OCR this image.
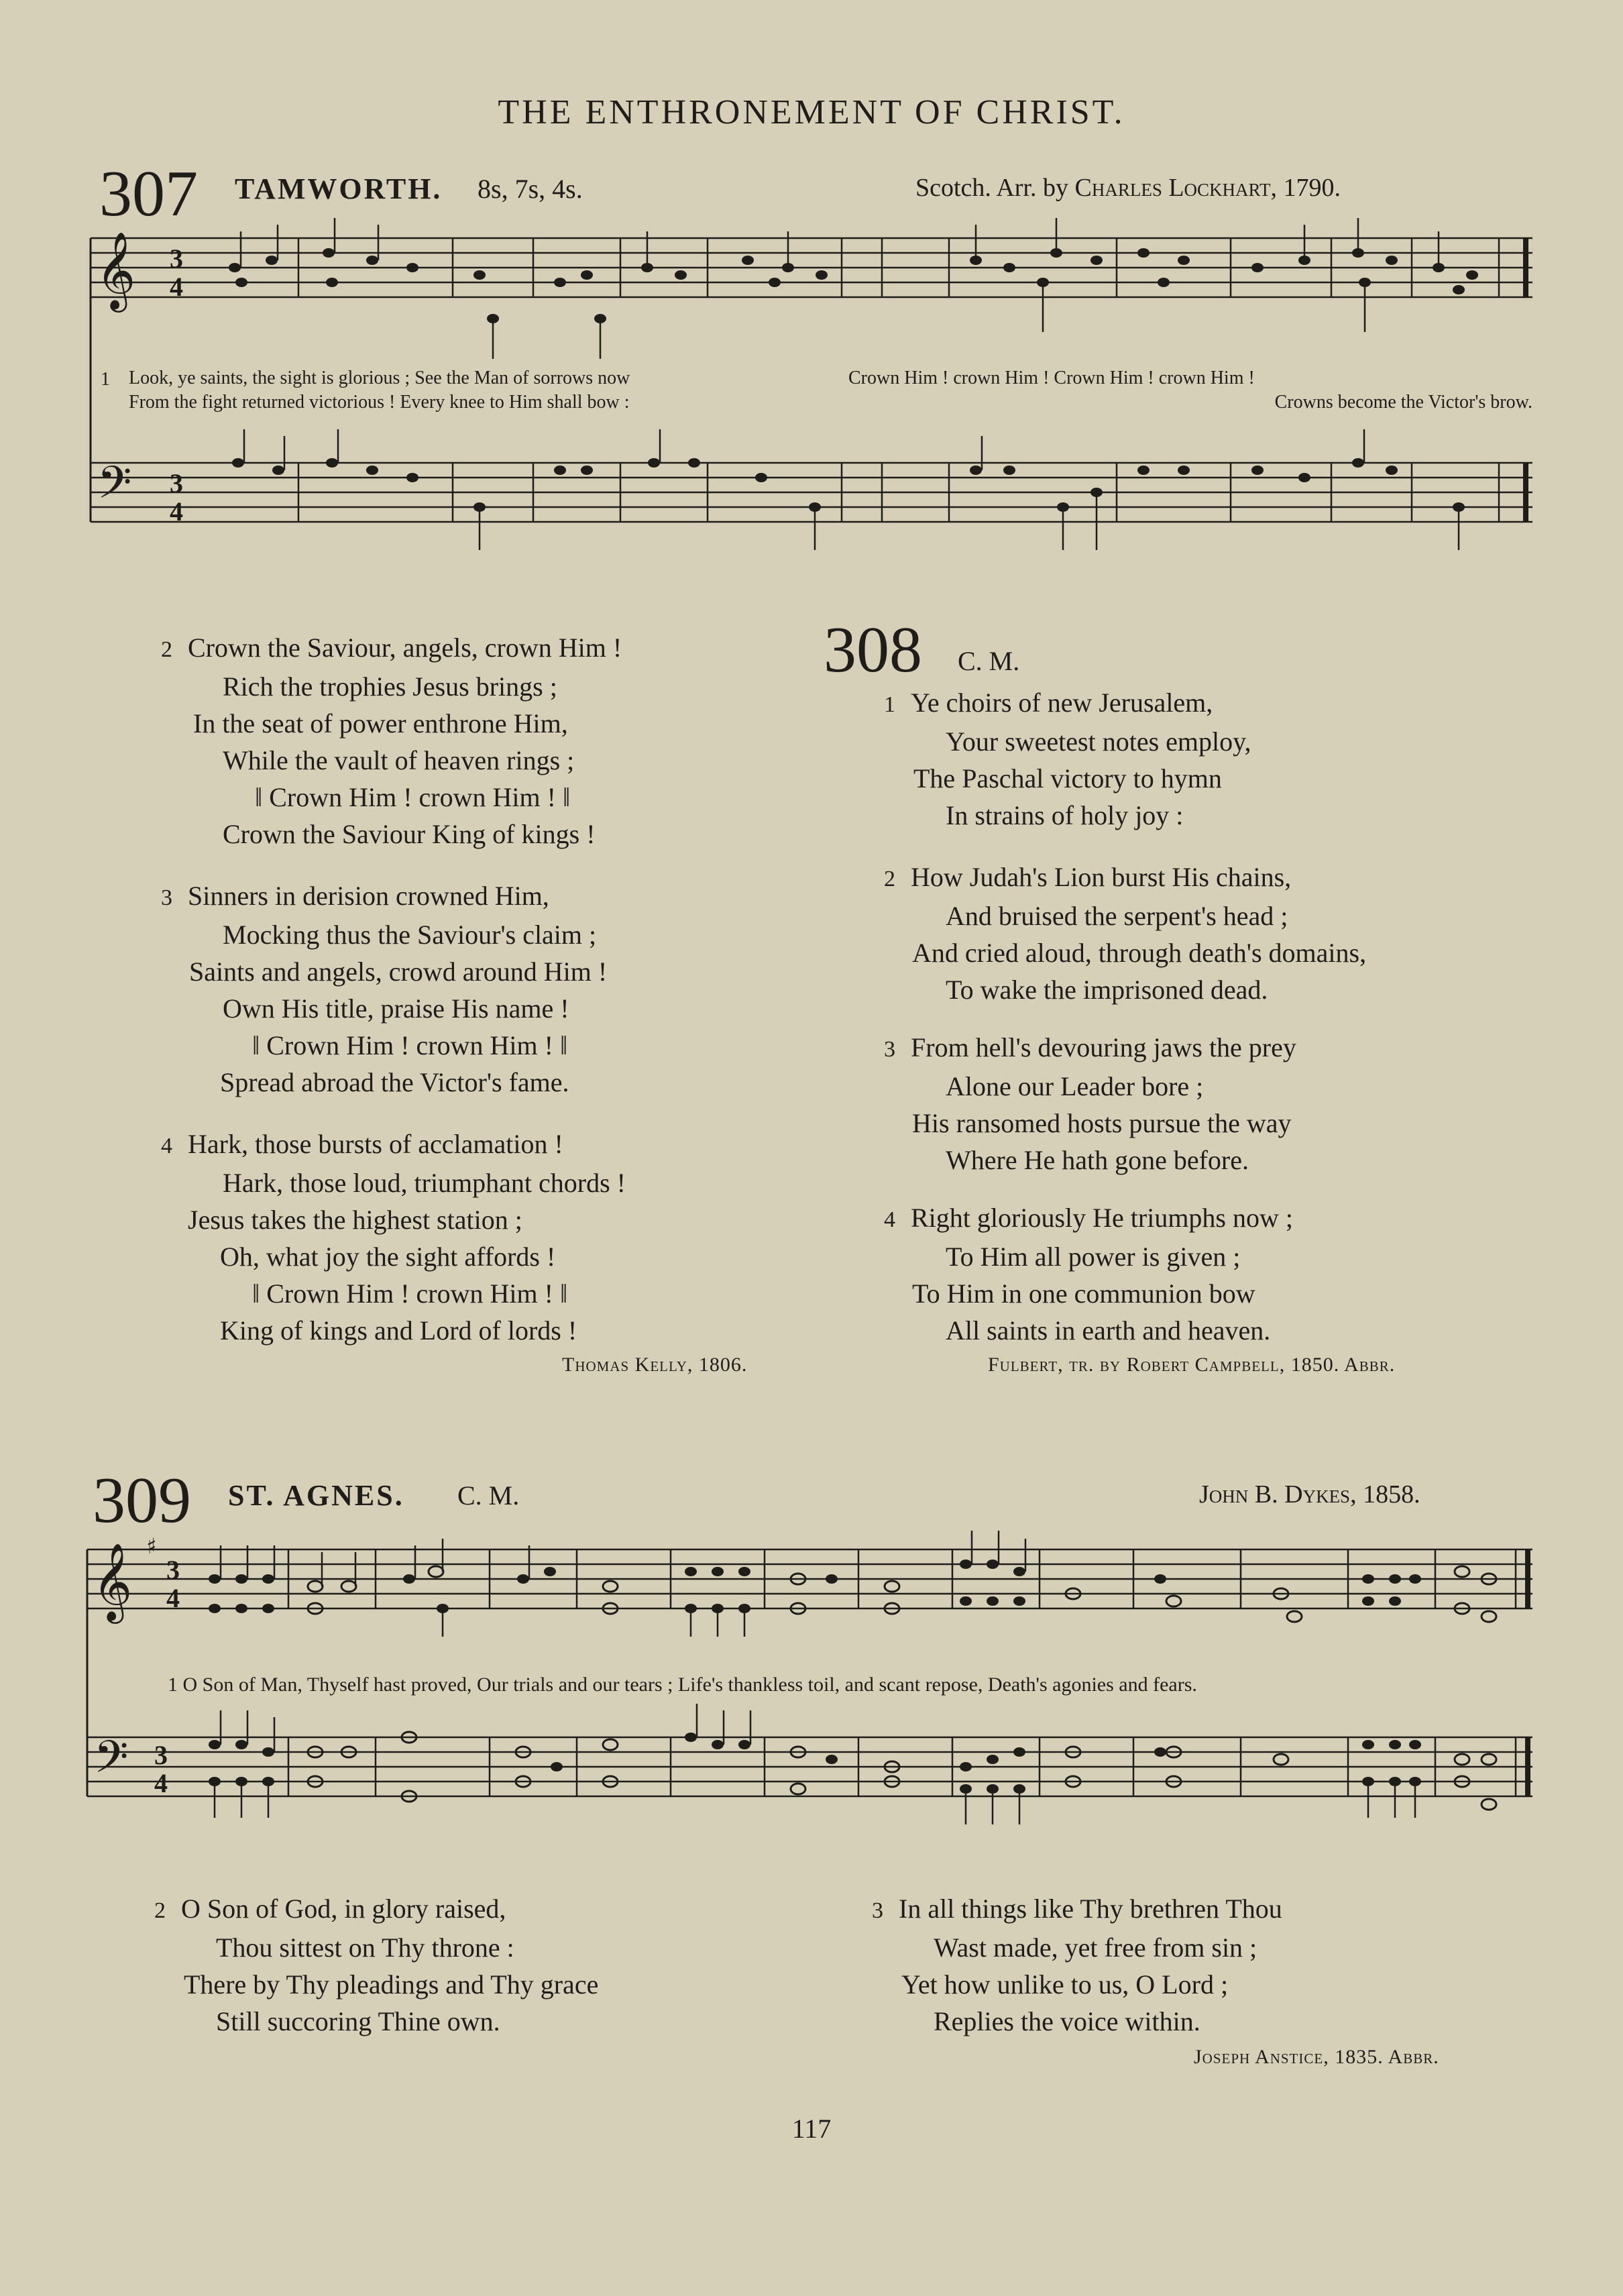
THE ENTHRONEMENT OF CHRIST.
307 TAMWORTH. 8s, 7s, 4s.	Scotch. Arr. by Charles Lockhart, 1790.
𝄞 3
4
1 Look, ye saints, the sight is glorious ; See the Man of sorrows now
From the fight returned victorious ! Every knee to Him shall bow :
Crown Him ! crown Him ! Crown Him ! crown Him !
Crowns become the Victor's brow.
𝄢 3
4
2 Crown the Saviour, angels, crown Him !
Rich the trophies Jesus brings ;
In the seat of power enthrone Him,
While the vault of heaven rings ;
‖ Crown Him ! crown Him ! ‖
Crown the Saviour King of kings !
3 Sinners in derision crowned Him,
Mocking thus the Saviour's claim ;
Saints and angels, crowd around Him !
Own His title, praise His name !
‖ Crown Him ! crown Him ! ‖
Spread abroad the Victor's fame.
4 Hark, those bursts of acclamation !
Hark, those loud, triumphant chords !
Jesus takes the highest station ;
Oh, what joy the sight affords !
‖ Crown Him ! crown Him ! ‖
King of kings and Lord of lords !
Thomas Kelly, 1806.
308 C. M.
1 Ye choirs of new Jerusalem,
Your sweetest notes employ,
The Paschal victory to hymn
In strains of holy joy :
2 How Judah's Lion burst His chains,
And bruised the serpent's head ;
And cried aloud, through death's domains,
To wake the imprisoned dead.
3 From hell's devouring jaws the prey
Alone our Leader bore ;
His ransomed hosts pursue the way
Where He hath gone before.
4 Right gloriously He triumphs now ;
To Him all power is given ;
To Him in one communion bow
All saints in earth and heaven.
Fulbert, tr. by Robert Campbell, 1850. Abbr.
309 ST. AGNES. C. M.	John B. Dykes, 1858.
𝄞 ♯
3
4
1 O Son of Man, Thyself hast proved, Our trials and our tears ; Life's thankless toil, and scant repose, Death's agonies and fears.
𝄢 3
4
2 O Son of God, in glory raised,
Thou sittest on Thy throne :
There by Thy pleadings and Thy grace
Still succoring Thine own.
3 In all things like Thy brethren Thou
Wast made, yet free from sin ;
Yet how unlike to us, O Lord ;
Replies the voice within.
Joseph Anstice, 1835. Abbr.
117
